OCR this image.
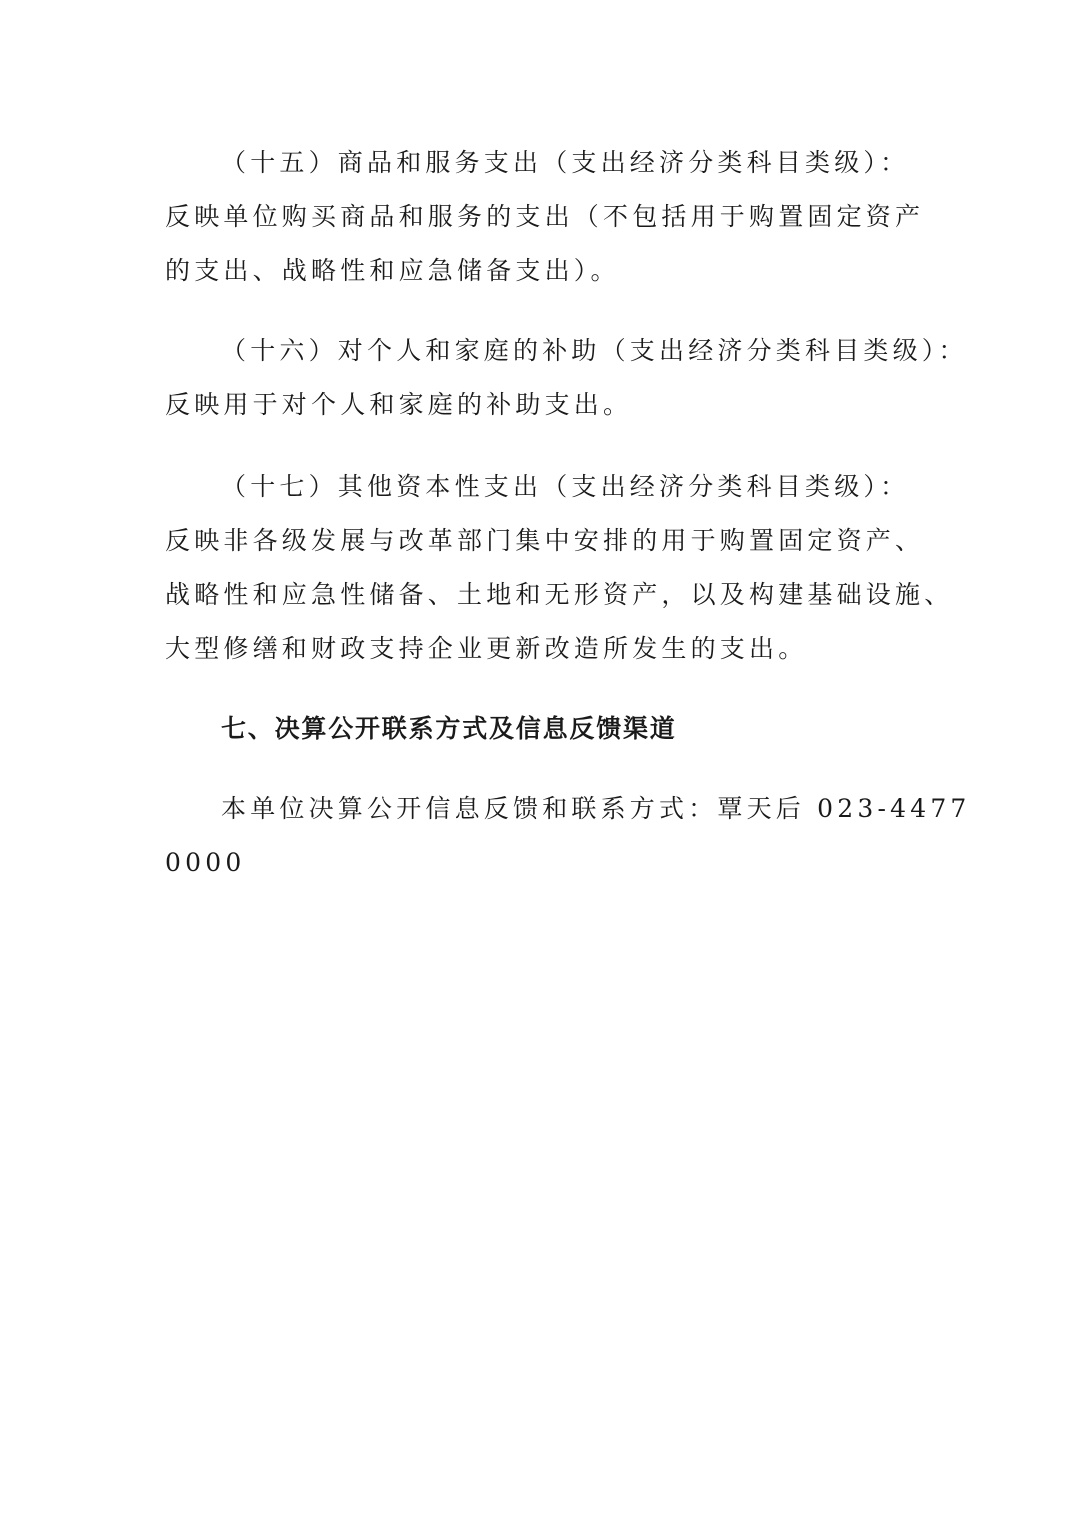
（十五）商品和服务支出（支出经济分类科目类级）：
反映单位购买商品和服务的支出（不包括用于购置固定资产
的支出、战略性和应急储备支出）。

（十六）对个人和家庭的补助（支出经济分类科目类级）：
反映用于对个人和家庭的补助支出。

（十七）其他资本性支出（支出经济分类科目类级）：
反映非各级发展与改革部门集中安排的用于购置固定资产、
战略性和应急性储备、土地和无形资产，以及构建基础设施、
大型修缮和财政支持企业更新改造所发生的支出。

七、决算公开联系方式及信息反馈渠道

本单位决算公开信息反馈和联系方式：覃天后 023-4477
0000
